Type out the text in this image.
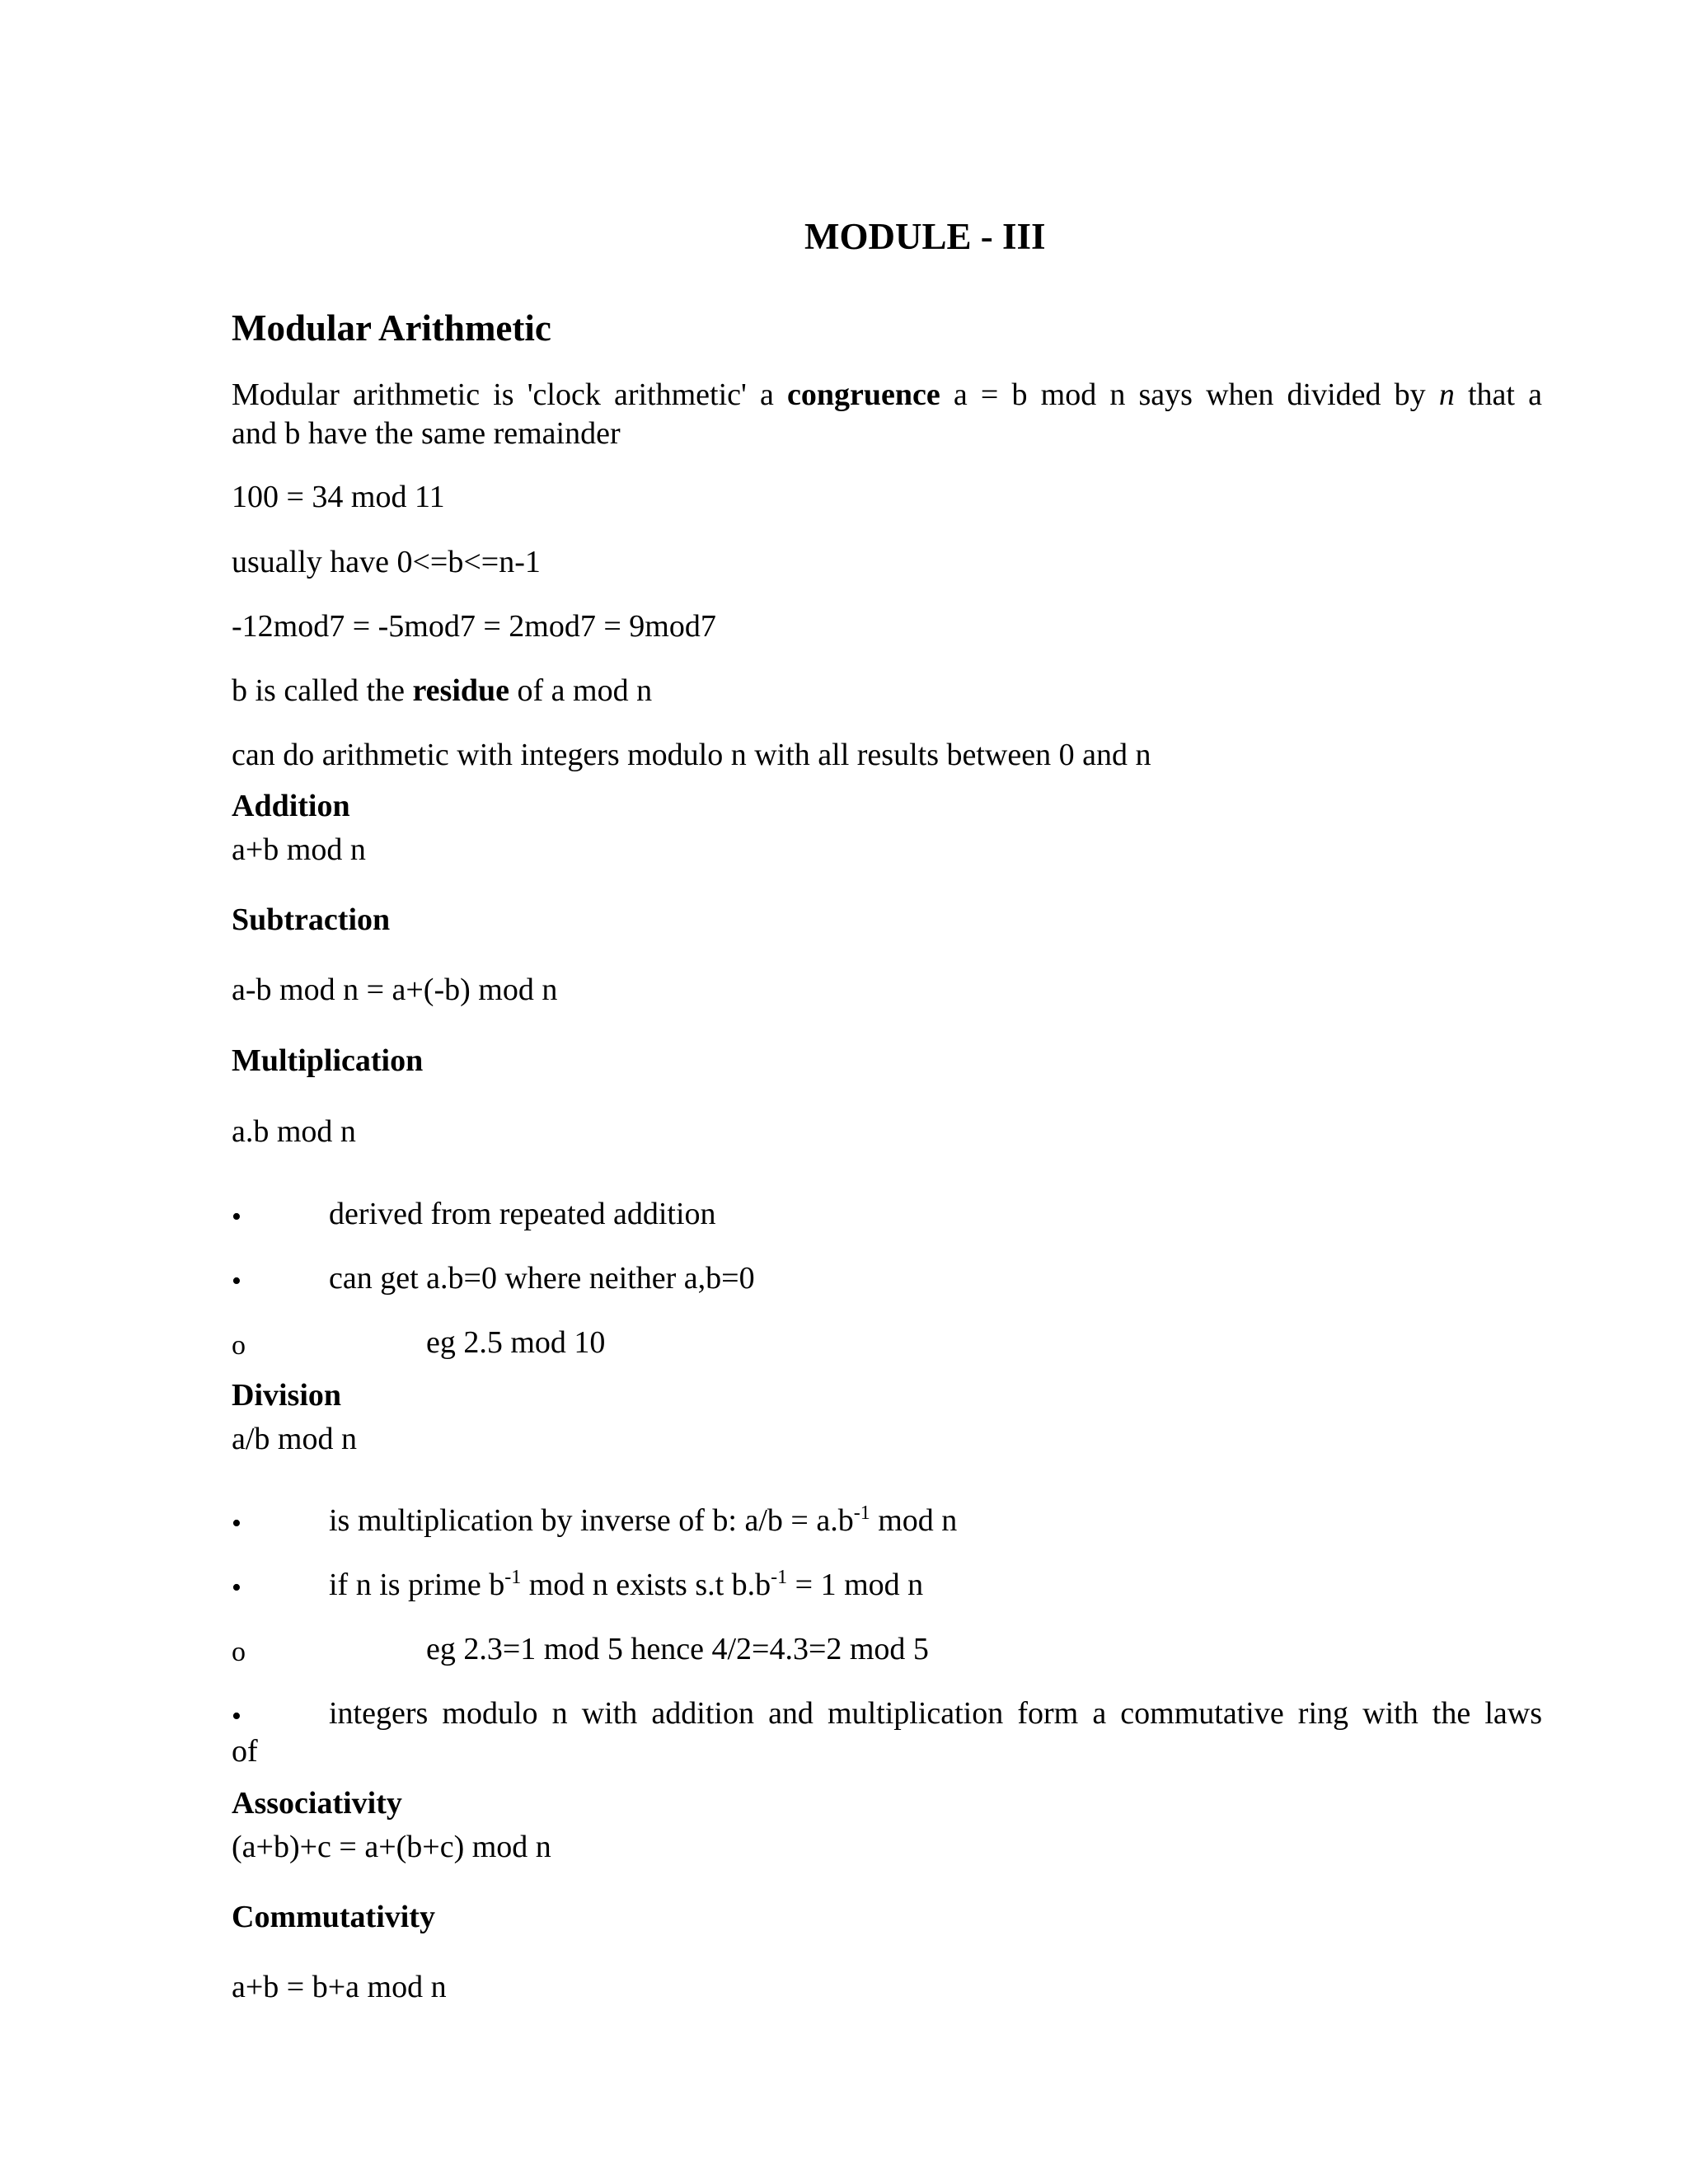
MODULE - III
Modular Arithmetic
Modular arithmetic is 'clock arithmetic' a congruence a = b mod n says when divided by n that a
and b have the same remainder
100 = 34 mod 11
usually have 0<=b<=n-1
-12mod7 = -5mod7 = 2mod7 = 9mod7
b is called the residue of a mod n
can do arithmetic with integers modulo n with all results between 0 and n
Addition
a+b mod n
Subtraction
a-b mod n = a+(-b) mod n
Multiplication
a.b mod n
•	derived from repeated addition
•	can get a.b=0 where neither a,b=0
o	eg 2.5 mod 10
Division
a/b mod n
•	is multiplication by inverse of b: $a/b = a.b^{-1}$ mod n
•	if n is prime $b^{-1}$ mod n exists s.t $b.b^{-1} = 1$ mod n
o	eg 2.3=1 mod 5 hence 4/2=4.3=2 mod 5
•	integers modulo n with addition and multiplication form a commutative ring with the laws
of
Associativity
(a+b)+c = a+(b+c) mod n
Commutativity
a+b = b+a mod n
